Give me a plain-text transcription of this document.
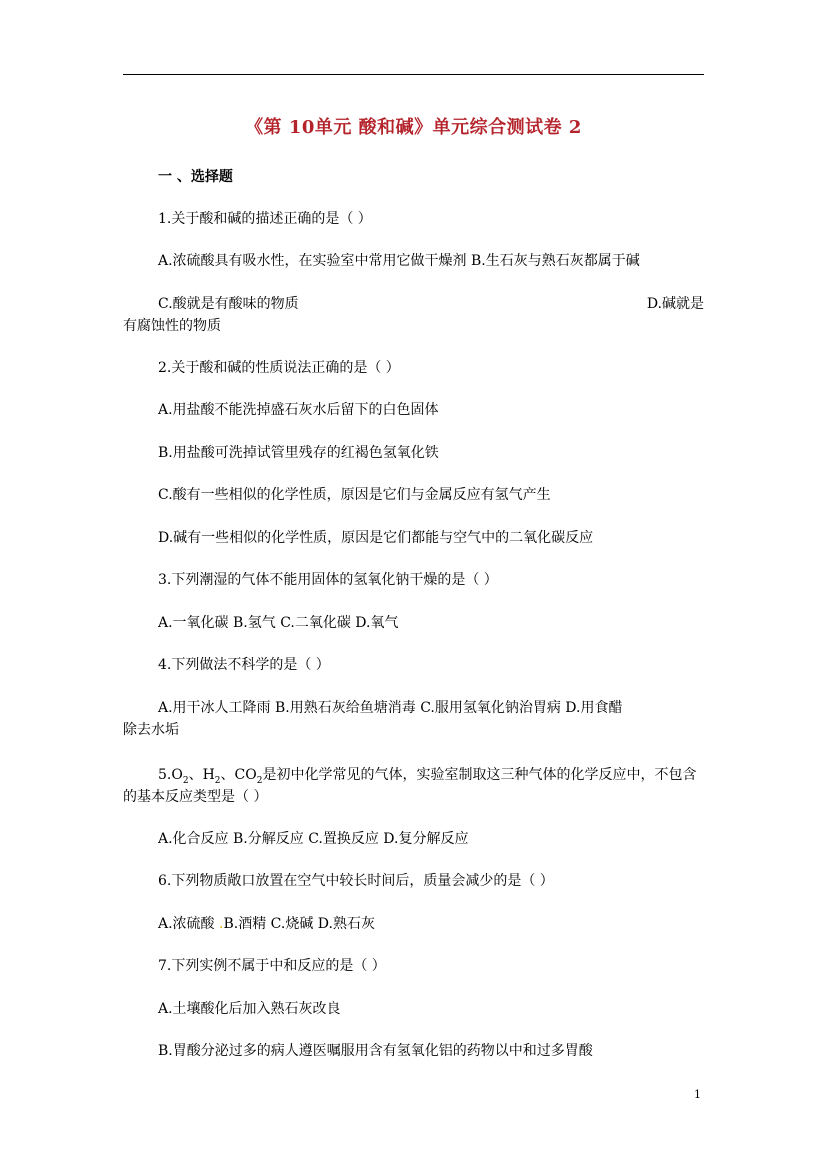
《第 10单元 酸和碱》单元综合测试卷 2
一 、选择题
1.关于酸和碱的描述正确的是（ ）
A.浓硫酸具有吸水性，在实验室中常用它做干燥剂 B.生石灰与熟石灰都属于碱
C.酸就是有酸味的物质	D.碱就是
有腐蚀性的物质
2.关于酸和碱的性质说法正确的是（ ）
A.用盐酸不能洗掉盛石灰水后留下的白色固体
B.用盐酸可洗掉试管里残存的红褐色氢氧化铁
C.酸有一些相似的化学性质，原因是它们与金属反应有氢气产生
D.碱有一些相似的化学性质，原因是它们都能与空气中的二氧化碳反应
3.下列潮湿的气体不能用固体的氢氧化钠干燥的是（ ）
A.一氧化碳 B.氢气 C.二氧化碳 D.氧气
4.下列做法不科学的是（ ）
A.用干冰人工降雨 B.用熟石灰给鱼塘消毒 C.服用氢氧化钠治胃病 D.用食醋
除去水垢
$5.O_2$、$H_2$、$CO_2$是初中化学常见的气体，实验室制取这三种气体的化学反应中，不包含
的基本反应类型是（ ）
A.化合反应 B.分解反应 C.置换反应 D.复分解反应
6.下列物质敞口放置在空气中较长时间后，质量会减少的是（ ）
A.浓硫酸 .B.酒精 C.烧碱 D.熟石灰
7.下列实例不属于中和反应的是（ ）
A.土壤酸化后加入熟石灰改良
B.胃酸分泌过多的病人遵医嘱服用含有氢氧化铝的药物以中和过多胃酸
1
